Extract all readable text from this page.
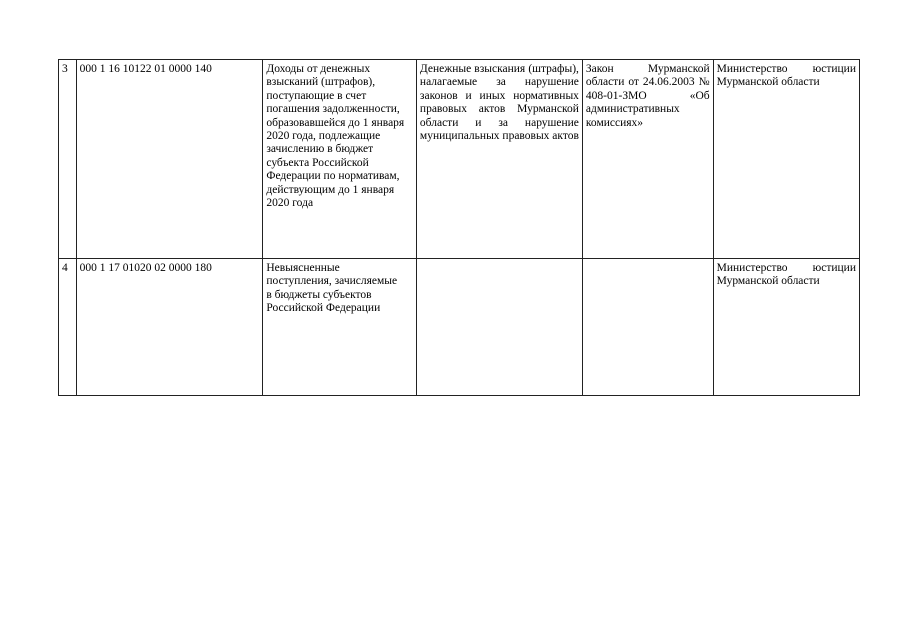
3	000 1 16 10122 01 0000 140	Доходы от денежных взысканий (штрафов), поступающие в счет погашения задолженности, образовавшейся до 1 января 2020 года, подлежащие зачислению в бюджет субъекта Российской Федерации по нормативам, действующим до 1 января 2020 года	Денежные взыскания (штрафы), налагаемые за нарушение законов и иных нормативных правовых актов Мурманской области и за нарушение муниципальных правовых актов	Закон Мурманской области от 24.06.2003 № 408-01-ЗМО «Об административных комиссиях»	Министерство юстиции Мурманской области

4	000 1 17 01020 02 0000 180	Невыясненные поступления, зачисляемые в бюджеты субъектов Российской Федерации			Министерство юстиции Мурманской области
